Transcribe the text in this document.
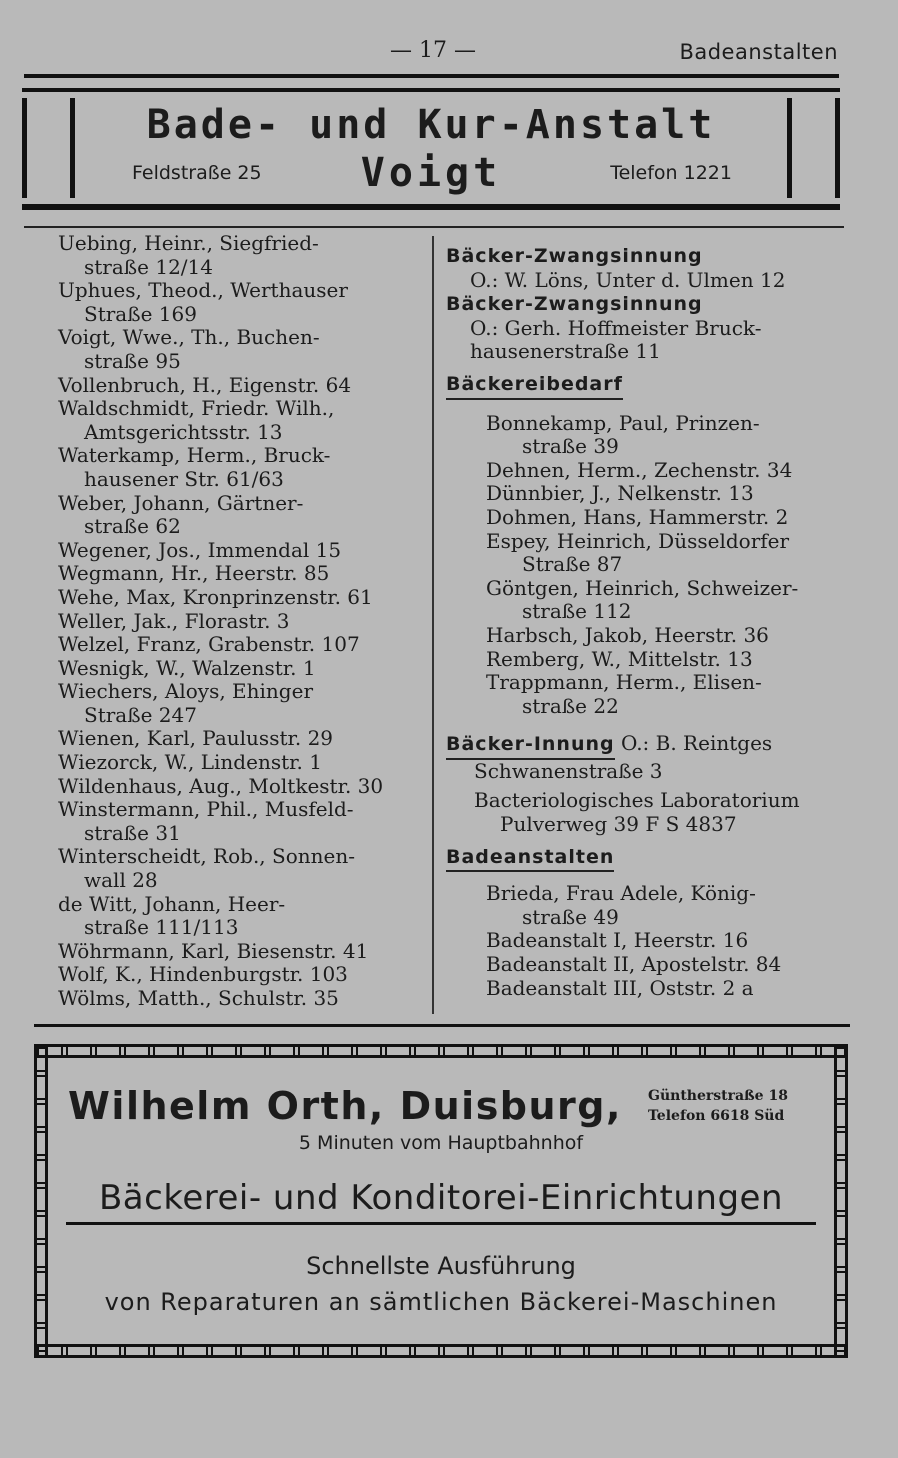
— 17 —	Badeanstalten
Bade- und Kur-Anstalt
Feldstraße 25	Voigt	Telefon 1221
Uebing, Heinr., Siegfried-
straße 12/14
Uphues, Theod., Werthauser
Straße 169
Voigt, Wwe., Th., Buchen-
straße 95
Vollenbruch, H., Eigenstr. 64
Waldschmidt, Friedr. Wilh.,
Amtsgerichtsstr. 13
Waterkamp, Herm., Bruck-
hausener Str. 61/63
Weber, Johann, Gärtner-
straße 62
Wegener, Jos., Immendal 15
Wegmann, Hr., Heerstr. 85
Wehe, Max, Kronprinzenstr. 61
Weller, Jak., Florastr. 3
Welzel, Franz, Grabenstr. 107
Wesnigk, W., Walzenstr. 1
Wiechers, Aloys, Ehinger
Straße 247
Wienen, Karl, Paulusstr. 29
Wiezorck, W., Lindenstr. 1
Wildenhaus, Aug., Moltkestr. 30
Winstermann, Phil., Musfeld-
straße 31
Winterscheidt, Rob., Sonnen-
wall 28
de Witt, Johann, Heer-
straße 111/113
Wöhrmann, Karl, Biesenstr. 41
Wolf, K., Hindenburgstr. 103
Wölms, Matth., Schulstr. 35
Bäcker-Zwangsinnung
O.: W. Löns, Unter d. Ulmen 12
Bäcker-Zwangsinnung
O.: Gerh. Hoffmeister Bruck-
hausenerstraße 11
Bäckereibedarf
Bonnekamp, Paul, Prinzen-
straße 39
Dehnen, Herm., Zechenstr. 34
Dünnbier, J., Nelkenstr. 13
Dohmen, Hans, Hammerstr. 2
Espey, Heinrich, Düsseldorfer
Straße 87
Göntgen, Heinrich, Schweizer-
straße 112
Harbsch, Jakob, Heerstr. 36
Remberg, W., Mittelstr. 13
Trappmann, Herm., Elisen-
straße 22
Bäcker-Innung O.: B. Reintges
Schwanenstraße 3
Bacteriologisches Laboratorium
Pulverweg 39 F S 4837
Badeanstalten
Brieda, Frau Adele, König-
straße 49
Badeanstalt I, Heerstr. 16
Badeanstalt II, Apostelstr. 84
Badeanstalt III, Oststr. 2 a
Wilhelm Orth, Duisburg, Güntherstraße 18
Telefon 6618 Süd
5 Minuten vom Hauptbahnhof
Bäckerei- und Konditorei-Einrichtungen
Schnellste Ausführung
von Reparaturen an sämtlichen Bäckerei-Maschinen
